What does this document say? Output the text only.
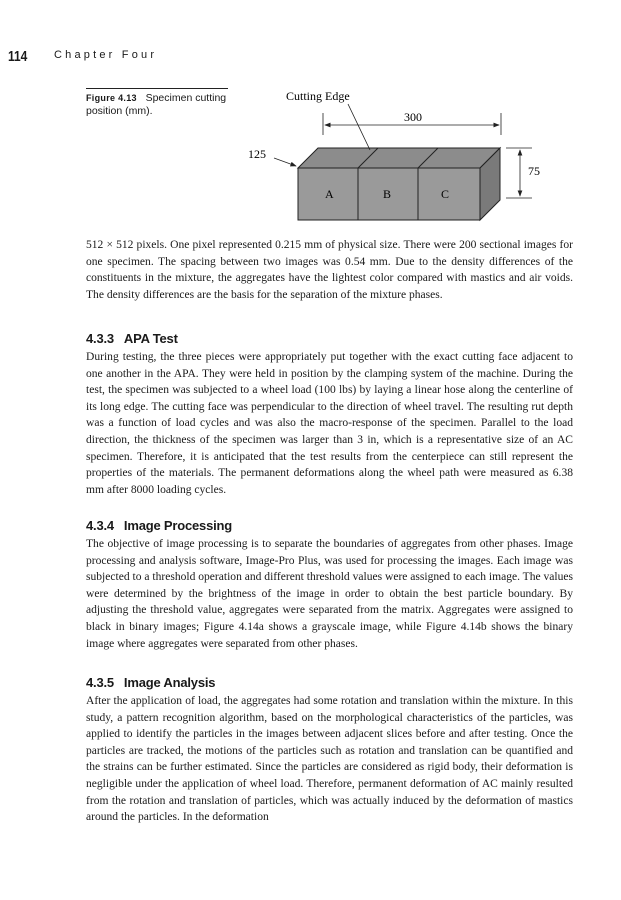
114 Chapter Four
Figure 4.13 Specimen cutting position (mm).
A	B	C
Cutting Edge
300
125
75

512 × 512 pixels. One pixel represented 0.215 mm of physical size. There were 200 sectional images for one specimen. The spacing between two images was 0.54 mm. Due to the density differences of the constituents in the mixture, the aggregates have the lightest color compared with mastics and air voids. The density differences are the basis for the separation of the mixture phases.

4.3.3 APA Test

During testing, the three pieces were appropriately put together with the exact cutting face adjacent to one another in the APA. They were held in position by the clamping system of the machine. During the test, the specimen was subjected to a wheel load (100 lbs) by laying a linear hose along the centerline of its long edge. The cutting face was perpendicular to the direction of wheel travel. The resulting rut depth was a function of load cycles and was also the macro-response of the specimen. Parallel to the load direction, the thickness of the specimen was larger than 3 in, which is a representative size of an AC specimen. Therefore, it is anticipated that the test results from the centerpiece can still represent the properties of the materials. The permanent deformations along the wheel path were measured as 6.38 mm after 8000 loading cycles.

4.3.4 Image Processing

The objective of image processing is to separate the boundaries of aggregates from other phases. Image processing and analysis software, Image-Pro Plus, was used for processing the images. Each image was subjected to a threshold operation and different threshold values were assigned to each image. The values were determined by the brightness of the image in order to obtain the best particle boundary. By adjusting the threshold value, aggregates were separated from the matrix. Aggregates were assigned to black in binary images; Figure 4.14a shows a grayscale image, while Figure 4.14b shows the binary image where aggregates were separated from other phases.

4.3.5 Image Analysis

After the application of load, the aggregates had some rotation and translation within the mixture. In this study, a pattern recognition algorithm, based on the morphological characteristics of the particles, was applied to identify the particles in the images between adjacent slices before and after testing. Once the particles are tracked, the motions of the particles such as rotation and translation can be quantified and the strains can be further estimated. Since the particles are considered as rigid body, their deformation is negligible under the application of wheel load. Therefore, permanent deformation of AC mainly resulted from the rotation and translation of particles, which was actually induced by the deformation of mastics around the particles. In the deformation
